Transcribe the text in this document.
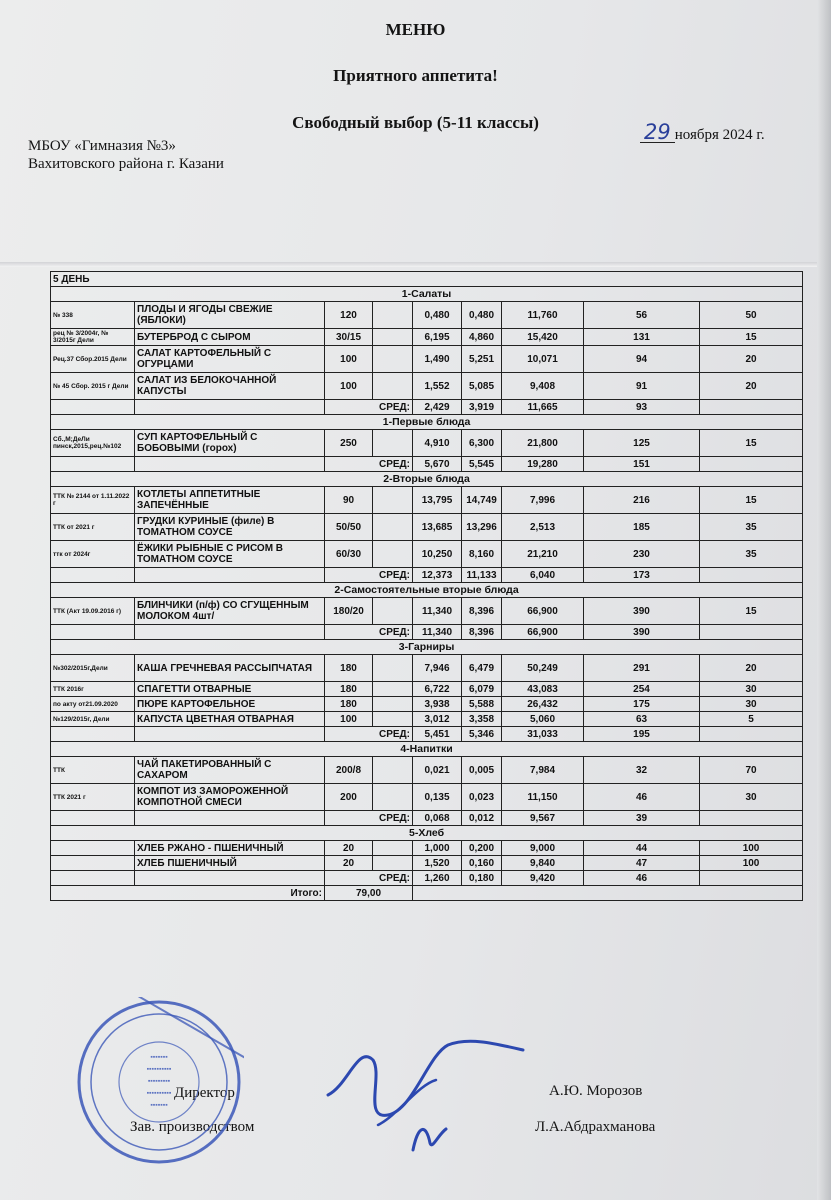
МЕНЮ
Приятного аппетита!
Свободный выбор (5-11 классы)
МБОУ «Гимназия №3»
Вахитовского района г. Казани
29 ноября 2024 г.
5 ДЕНЬ								
1-Салаты								
№ 338	ПЛОДЫ И ЯГОДЫ СВЕЖИЕ (ЯБЛОКИ)	120		0,480	0,480	11,760	56	50
рец № 3/2004г, № 3/2015г Дели	БУТЕРБРОД С СЫРОМ	30/15		6,195	4,860	15,420	131	15
Рец.37 Сбор.2015 Дели	САЛАТ КАРТОФЕЛЬНЫЙ С ОГУРЦАМИ	100		1,490	5,251	10,071	94	20
№ 45 Сбор. 2015 г Дели	САЛАТ ИЗ БЕЛОКОЧАННОЙ КАПУСТЫ	100		1,552	5,085	9,408	91	20
		СРЕД:		2,429	3,919	11,665	93	
1-Первые блюда								
Сб.,М;ДеЛи пинск,2015,рец.№102	СУП КАРТОФЕЛЬНЫЙ С БОБОВЫМИ (горох)	250		4,910	6,300	21,800	125	15
		СРЕД:		5,670	5,545	19,280	151	
2-Вторые блюда								
ТТК № 2144 от 1.11.2022 г	КОТЛЕТЫ АППЕТИТНЫЕ ЗАПЕЧЁННЫЕ	90		13,795	14,749	7,996	216	15
ТТК от 2021 г	ГРУДКИ КУРИНЫЕ (филе) В ТОМАТНОМ СОУСЕ	50/50		13,685	13,296	2,513	185	35
ттк от 2024г	ЁЖИКИ РЫБНЫЕ С РИСОМ В ТОМАТНОМ СОУСЕ	60/30		10,250	8,160	21,210	230	35
		СРЕД:		12,373	11,133	6,040	173	
2-Самостоятельные вторые блюда								
ТТК (Акт 19.09.2016 г)	БЛИНЧИКИ (п/ф) СО СГУЩЕННЫМ МОЛОКОМ 4шт/	180/20		11,340	8,396	66,900	390	15
		СРЕД:		11,340	8,396	66,900	390	
3-Гарниры								
№302/2015г,Дели	КАША ГРЕЧНЕВАЯ РАССЫПЧАТАЯ	180		7,946	6,479	50,249	291	20
ТТК 2016г	СПАГЕТТИ ОТВАРНЫЕ	180		6,722	6,079	43,083	254	30
по акту от21.09.2020	ПЮРЕ КАРТОФЕЛЬНОЕ	180		3,938	5,588	26,432	175	30
№129/2015г, Дели	КАПУСТА ЦВЕТНАЯ ОТВАРНАЯ	100		3,012	3,358	5,060	63	5
		СРЕД:		5,451	5,346	31,033	195	
4-Напитки								
ТТК	ЧАЙ ПАКЕТИРОВАННЫЙ С САХАРОМ	200/8		0,021	0,005	7,984	32	70
ТТК 2021 г	КОМПОТ ИЗ ЗАМОРОЖЕННОЙ КОМПОТНОЙ СМЕСИ	200		0,135	0,023	11,150	46	30
		СРЕД:		0,068	0,012	9,567	39	
5-Хлеб								
	ХЛЕБ РЖАНО - ПШЕНИЧНЫЙ	20		1,000	0,200	9,000	44	100
	ХЛЕБ ПШЕНИЧНЫЙ	20		1,520	0,160	9,840	47	100
		СРЕД:		1,260	0,180	9,420	46	
Итого:		79,00						
Директор	А.Ю. Морозов
Зав. производством	Л.А.Абдрахманова
▪▪▪▪▪▪▪
▪▪▪▪▪▪▪▪▪▪
▪▪▪▪▪▪▪▪▪
▪▪▪▪▪▪▪▪▪▪
▪▪▪▪▪▪▪
